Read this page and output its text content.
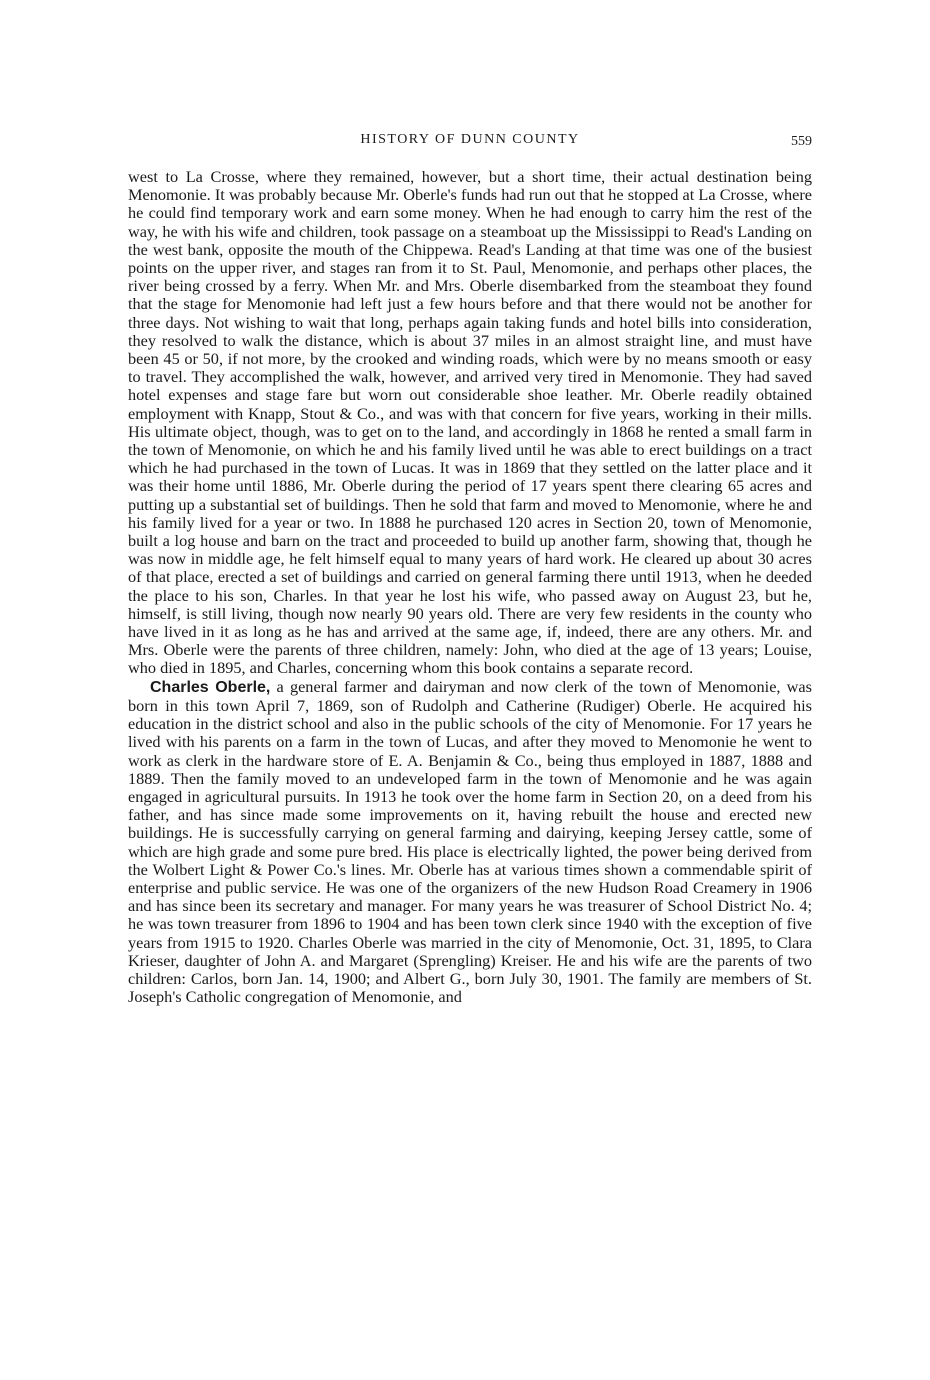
HISTORY OF DUNN COUNTY	559

west to La Crosse, where they remained, however, but a short time, their actual destination being Menomonie. It was probably because Mr. Oberle's funds had run out that he stopped at La Crosse, where he could find temporary work and earn some money. When he had enough to carry him the rest of the way, he with his wife and children, took passage on a steamboat up the Mississippi to Read's Landing on the west bank, opposite the mouth of the Chippewa. Read's Landing at that time was one of the busiest points on the upper river, and stages ran from it to St. Paul, Menomonie, and perhaps other places, the river being crossed by a ferry. When Mr. and Mrs. Oberle disembarked from the steamboat they found that the stage for Menomonie had left just a few hours before and that there would not be another for three days. Not wishing to wait that long, perhaps again taking funds and hotel bills into consideration, they resolved to walk the distance, which is about 37 miles in an almost straight line, and must have been 45 or 50, if not more, by the crooked and winding roads, which were by no means smooth or easy to travel. They accomplished the walk, however, and arrived very tired in Menomonie. They had saved hotel expenses and stage fare but worn out considerable shoe leather. Mr. Oberle readily obtained employment with Knapp, Stout & Co., and was with that concern for five years, working in their mills. His ultimate object, though, was to get on to the land, and accordingly in 1868 he rented a small farm in the town of Menomonie, on which he and his family lived until he was able to erect buildings on a tract which he had purchased in the town of Lucas. It was in 1869 that they settled on the latter place and it was their home until 1886, Mr. Oberle during the period of 17 years spent there clearing 65 acres and putting up a substantial set of buildings. Then he sold that farm and moved to Menomonie, where he and his family lived for a year or two. In 1888 he purchased 120 acres in Section 20, town of Menomonie, built a log house and barn on the tract and proceeded to build up another farm, showing that, though he was now in middle age, he felt himself equal to many years of hard work. He cleared up about 30 acres of that place, erected a set of buildings and carried on general farming there until 1913, when he deeded the place to his son, Charles. In that year he lost his wife, who passed away on August 23, but he, himself, is still living, though now nearly 90 years old. There are very few residents in the county who have lived in it as long as he has and arrived at the same age, if, indeed, there are any others. Mr. and Mrs. Oberle were the parents of three children, namely: John, who died at the age of 13 years; Louise, who died in 1895, and Charles, concerning whom this book contains a separate record.

Charles Oberle, a general farmer and dairyman and now clerk of the town of Menomonie, was born in this town April 7, 1869, son of Rudolph and Catherine (Rudiger) Oberle. He acquired his education in the district school and also in the public schools of the city of Menomonie. For 17 years he lived with his parents on a farm in the town of Lucas, and after they moved to Menomonie he went to work as clerk in the hardware store of E. A. Benjamin & Co., being thus employed in 1887, 1888 and 1889. Then the family moved to an undeveloped farm in the town of Menomonie and he was again engaged in agricultural pursuits. In 1913 he took over the home farm in Section 20, on a deed from his father, and has since made some improvements on it, having rebuilt the house and erected new buildings. He is successfully carrying on general farming and dairying, keeping Jersey cattle, some of which are high grade and some pure bred. His place is electrically lighted, the power being derived from the Wolbert Light & Power Co.'s lines. Mr. Oberle has at various times shown a commendable spirit of enterprise and public service. He was one of the organizers of the new Hudson Road Creamery in 1906 and has since been its secretary and manager. For many years he was treasurer of School District No. 4; he was town treasurer from 1896 to 1904 and has been town clerk since 1940 with the exception of five years from 1915 to 1920. Charles Oberle was married in the city of Menomonie, Oct. 31, 1895, to Clara Krieser, daughter of John A. and Margaret (Sprengling) Kreiser. He and his wife are the parents of two children: Carlos, born Jan. 14, 1900; and Albert G., born July 30, 1901. The family are members of St. Joseph's Catholic congregation of Menomonie, and
